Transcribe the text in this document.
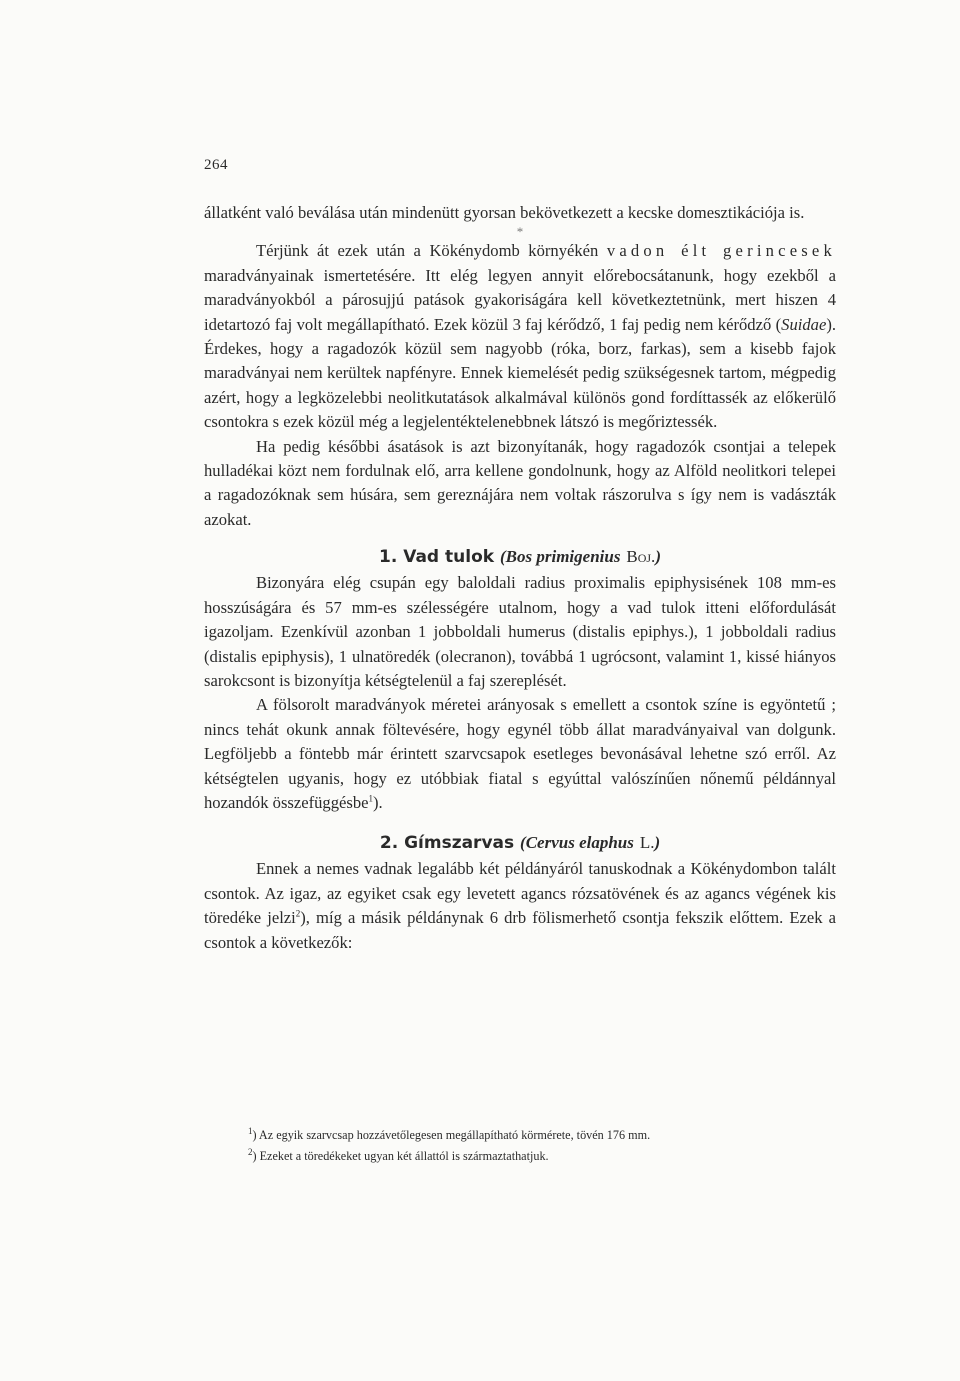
264

állatként való beválása után mindenütt gyorsan bekövetkezett a kecske domesztikációja is.

*

Térjünk át ezek után a Kökénydomb környékén vadon élt gerincesek maradványainak ismertetésére. Itt elég legyen annyit előrebocsátanunk, hogy ezekből a maradványokból a párosujjú patások gyakoriságára kell következtetnünk, mert hiszen 4 idetartozó faj volt megállapítható. Ezek közül 3 faj kérődző, 1 faj pedig nem kérődző (Suidae). Érdekes, hogy a ragadozók közül sem nagyobb (róka, borz, farkas), sem a kisebb fajok maradványai nem kerültek napfényre. Ennek kiemelését pedig szükségesnek tartom, mégpedig azért, hogy a legközelebbi neolitkutatások alkalmával különös gond fordíttassék az előkerülő csontokra s ezek közül még a legjelentéktelenebbnek látszó is megőriztessék.

Ha pedig későbbi ásatások is azt bizonyítanák, hogy ragadozók csontjai a telepek hulladékai közt nem fordulnak elő, arra kellene gondolnunk, hogy az Alföld neolitkori telepei a ragadozóknak sem húsára, sem gereznájára nem voltak rászorulva s így nem is vadászták azokat.

1. Vad tulok (Bos primigenius Boj.)

Bizonyára elég csupán egy baloldali radius proximalis epiphysisének 108 mm-es hosszúságára és 57 mm-es szélességére utalnom, hogy a vad tulok itteni előfordulását igazoljam. Ezenkívül azonban 1 jobboldali humerus (distalis epiphys.), 1 jobboldali radius (distalis epiphysis), 1 ulnatöredék (olecranon), továbbá 1 ugrócsont, valamint 1, kissé hiányos sarokcsont is bizonyítja kétségtelenül a faj szereplését.

A fölsorolt maradványok méretei arányosak s emellett a csontok színe is egyöntetű ; nincs tehát okunk annak föltevésére, hogy egynél több állat maradványaival van dolgunk. Legföljebb a föntebb már érintett szarvcsapok esetleges bevonásával lehetne szó erről. Az kétségtelen ugyanis, hogy ez utóbbiak fiatal s egyúttal valószínűen nőnemű példánnyal hozandók összefüggésbe$^1$).

2. Gímszarvas (Cervus elaphus L.)

Ennek a nemes vadnak legalább két példányáról tanuskodnak a Kökénydombon talált csontok. Az igaz, az egyiket csak egy levetett agancs rózsatövének és az agancs végének kis töredéke jelzi$^2$), míg a másik példánynak 6 drb fölismerhető csontja fekszik előttem. Ezek a csontok a következők:

$^1$) Az egyik szarvcsap hozzávetőlegesen megállapítható körmérete, tövén 176 mm.
$^2$) Ezeket a töredékeket ugyan két állattól is származtathatjuk.
